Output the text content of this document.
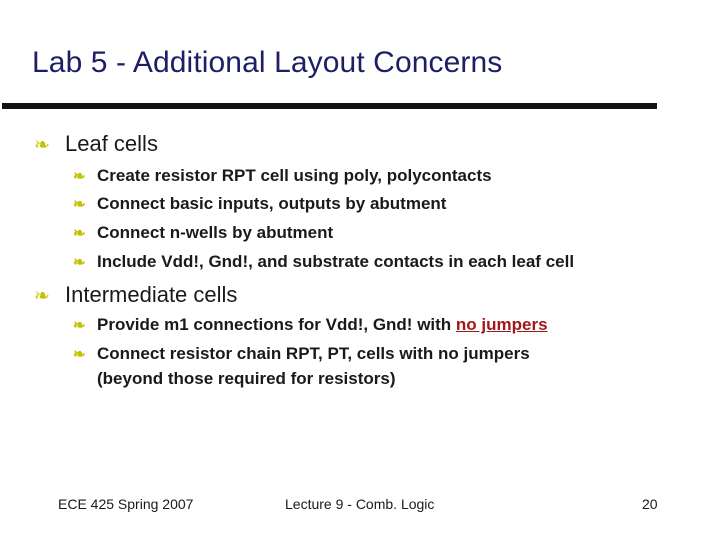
Lab 5 - Additional Layout Concerns
❧ Leaf cells
❧ Create resistor RPT cell using poly, polycontacts
❧ Connect basic inputs, outputs by abutment
❧ Connect n-wells by abutment
❧ Include Vdd!, Gnd!, and substrate contacts in each leaf cell
❧ Intermediate cells
❧ Provide m1 connections for Vdd!, Gnd! with no jumpers
❧ Connect resistor chain RPT, PT, cells with no jumpers
(beyond those required for resistors)
ECE 425 Spring 2007	Lecture 9 - Comb. Logic	20
